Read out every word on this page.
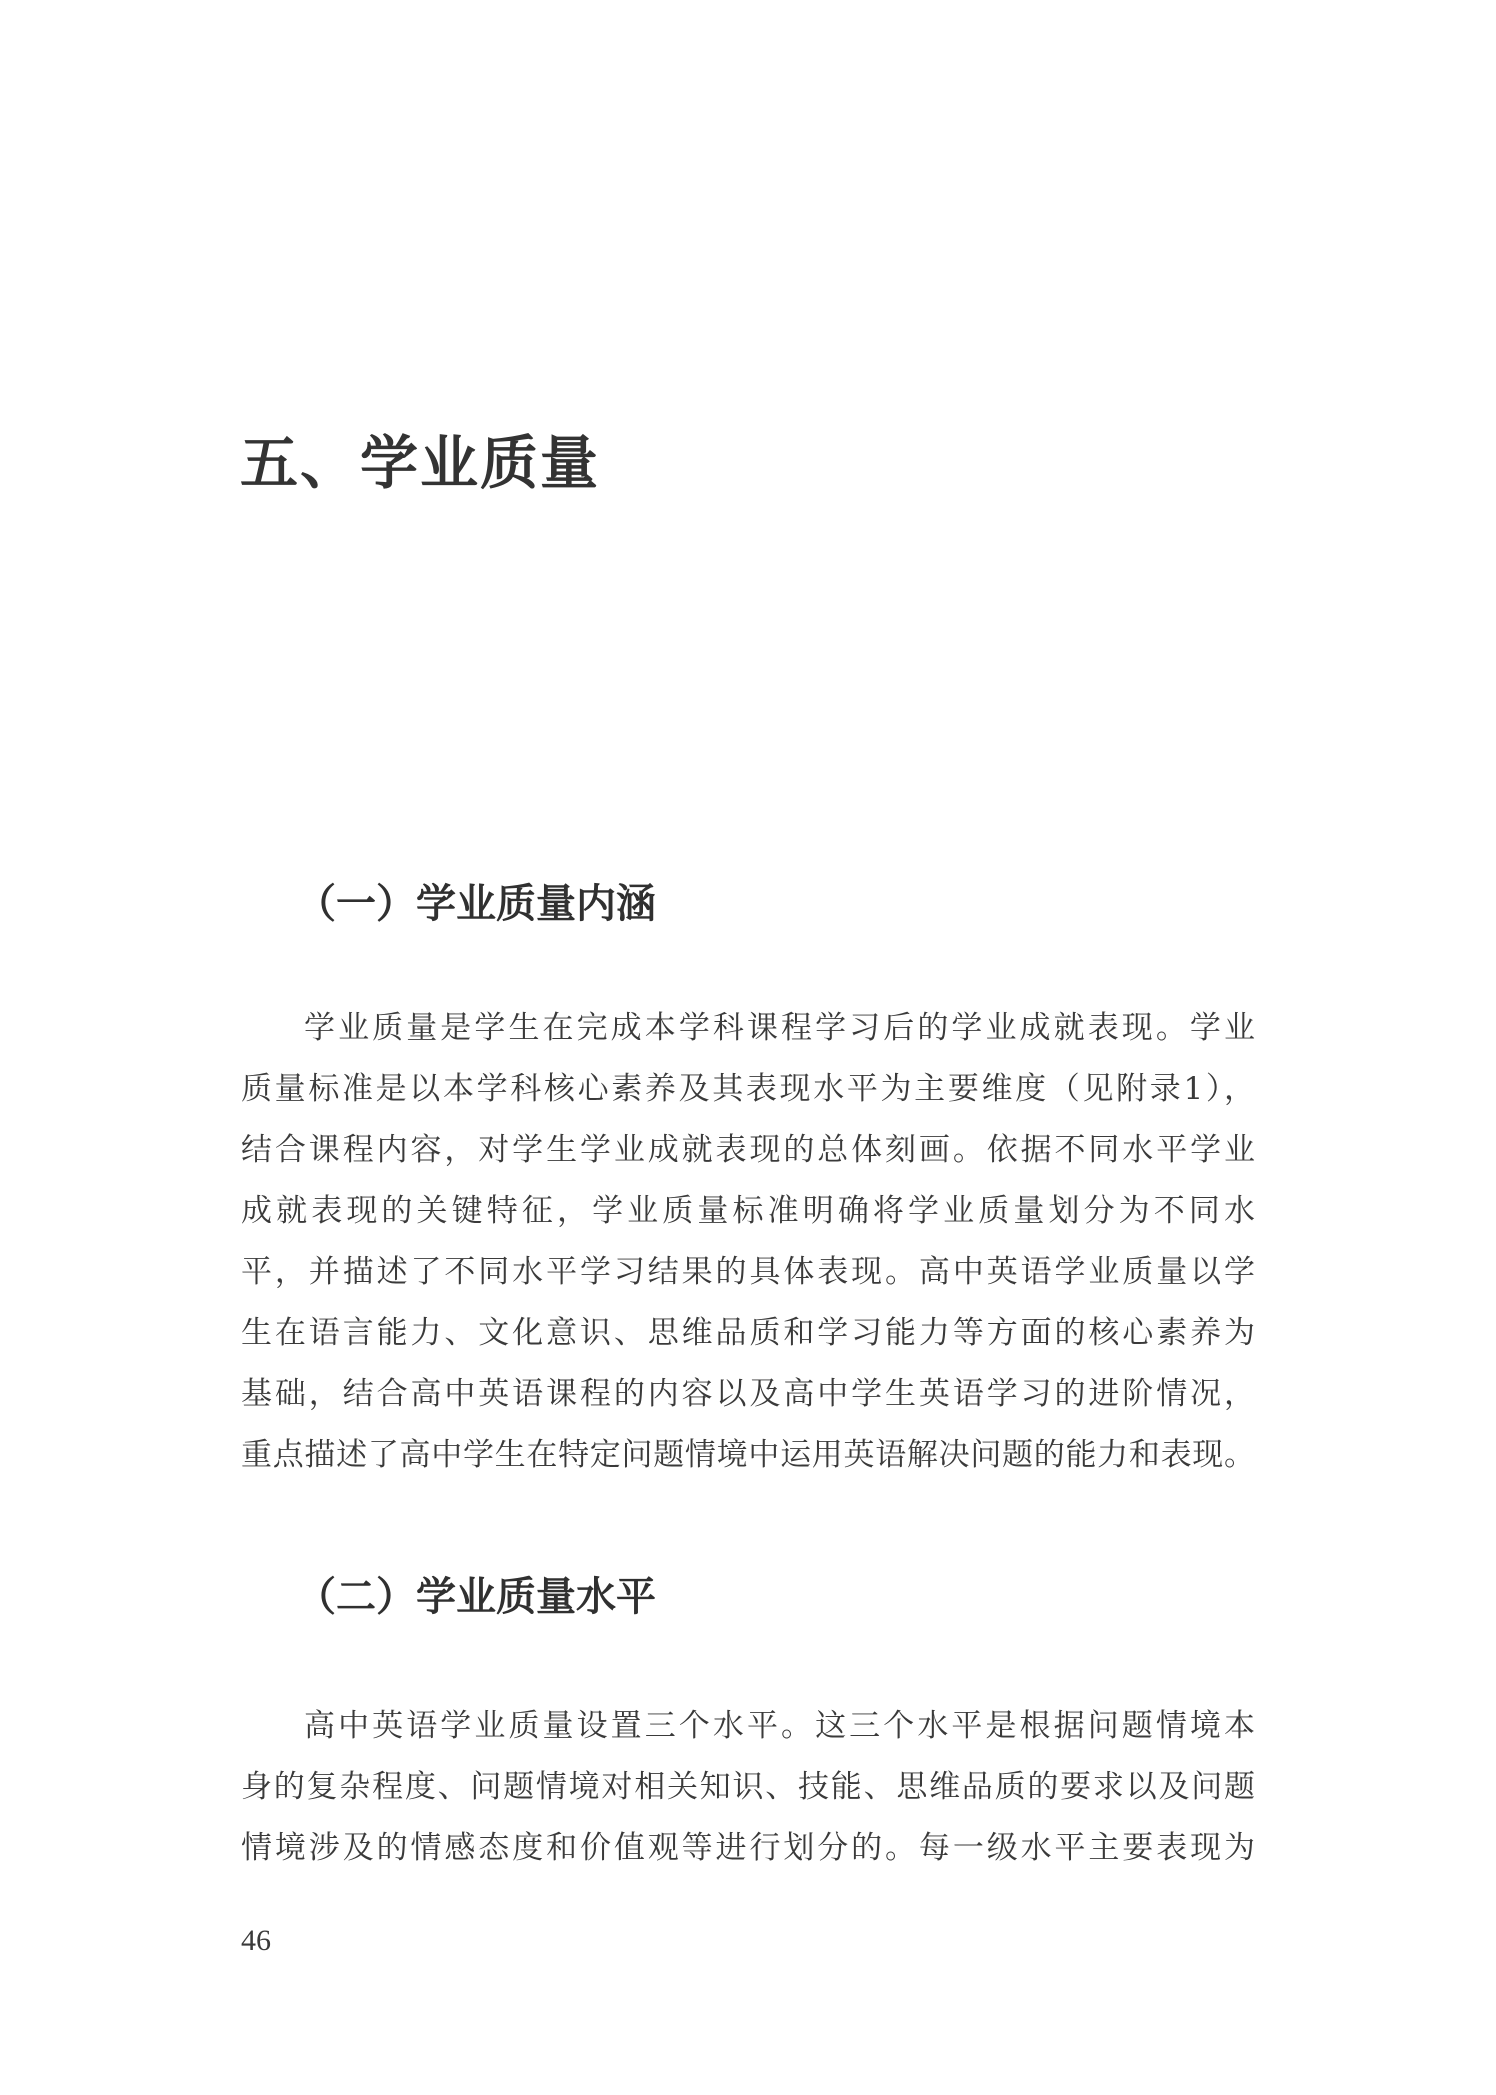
五、学业质量
（一）学业质量内涵
学业质量是学生在完成本学科课程学习后的学业成就表现。学业
质量标准是以本学科核心素养及其表现水平为主要维度（见附录1），
结合课程内容，对学生学业成就表现的总体刻画。依据不同水平学业
成就表现的关键特征，学业质量标准明确将学业质量划分为不同水
平，并描述了不同水平学习结果的具体表现。高中英语学业质量以学
生在语言能力、文化意识、思维品质和学习能力等方面的核心素养为
基础，结合高中英语课程的内容以及高中学生英语学习的进阶情况，
重点描述了高中学生在特定问题情境中运用英语解决问题的能力和表现。
（二）学业质量水平
高中英语学业质量设置三个水平。这三个水平是根据问题情境本
身的复杂程度、问题情境对相关知识、技能、思维品质的要求以及问题
情境涉及的情感态度和价值观等进行划分的。每一级水平主要表现为
46
